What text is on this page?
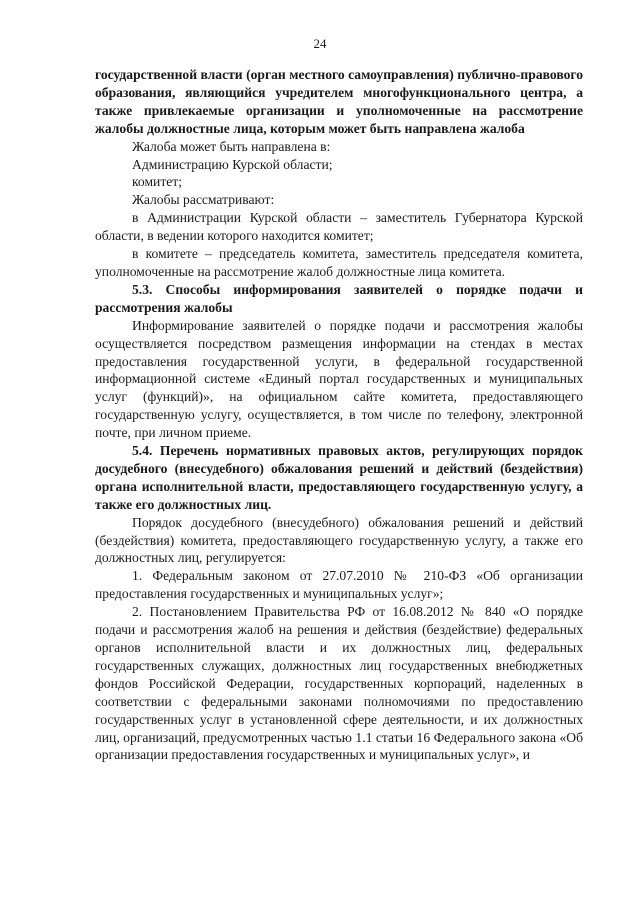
24

государственной власти (орган местного самоуправления) публично-правового образования, являющийся учредителем многофункционального центра, а также привлекаемые организации и уполномоченные на рассмотрение жалобы должностные лица, которым может быть направлена жалоба

Жалоба может быть направлена в:

Администрацию Курской области;

комитет;

Жалобы рассматривают:

в Администрации Курской области – заместитель Губернатора Курской области, в ведении которого находится комитет;

в комитете – председатель комитета, заместитель председателя комитета, уполномоченные на рассмотрение жалоб должностные лица комитета.

5.3. Способы информирования заявителей о порядке подачи и рассмотрения жалобы

Информирование заявителей о порядке подачи и рассмотрения жалобы осуществляется посредством размещения информации на стендах в местах предоставления государственной услуги, в федеральной государственной информационной системе «Единый портал государственных и муниципальных услуг (функций)», на официальном сайте комитета, предоставляющего государственную услугу, осуществляется, в том числе по телефону, электронной почте, при личном приеме.

5.4. Перечень нормативных правовых актов, регулирующих порядок досудебного (внесудебного) обжалования решений и действий (бездействия) органа исполнительной власти, предоставляющего государственную услугу, а также его должностных лиц.

Порядок досудебного (внесудебного) обжалования решений и действий (бездействия) комитета, предоставляющего государственную услугу, а также его должностных лиц, регулируется:

1. Федеральным законом от 27.07.2010 № 210-ФЗ «Об организации предоставления государственных и муниципальных услуг»;

2. Постановлением Правительства РФ от 16.08.2012 № 840 «О порядке подачи и рассмотрения жалоб на решения и действия (бездействие) федеральных органов исполнительной власти и их должностных лиц, федеральных государственных служащих, должностных лиц государственных внебюджетных фондов Российской Федерации, государственных корпораций, наделенных в соответствии с федеральными законами полномочиями по предоставлению государственных услуг в установленной сфере деятельности, и их должностных лиц, организаций, предусмотренных частью 1.1 статьи 16 Федерального закона «Об организации предоставления государственных и муниципальных услуг», и
